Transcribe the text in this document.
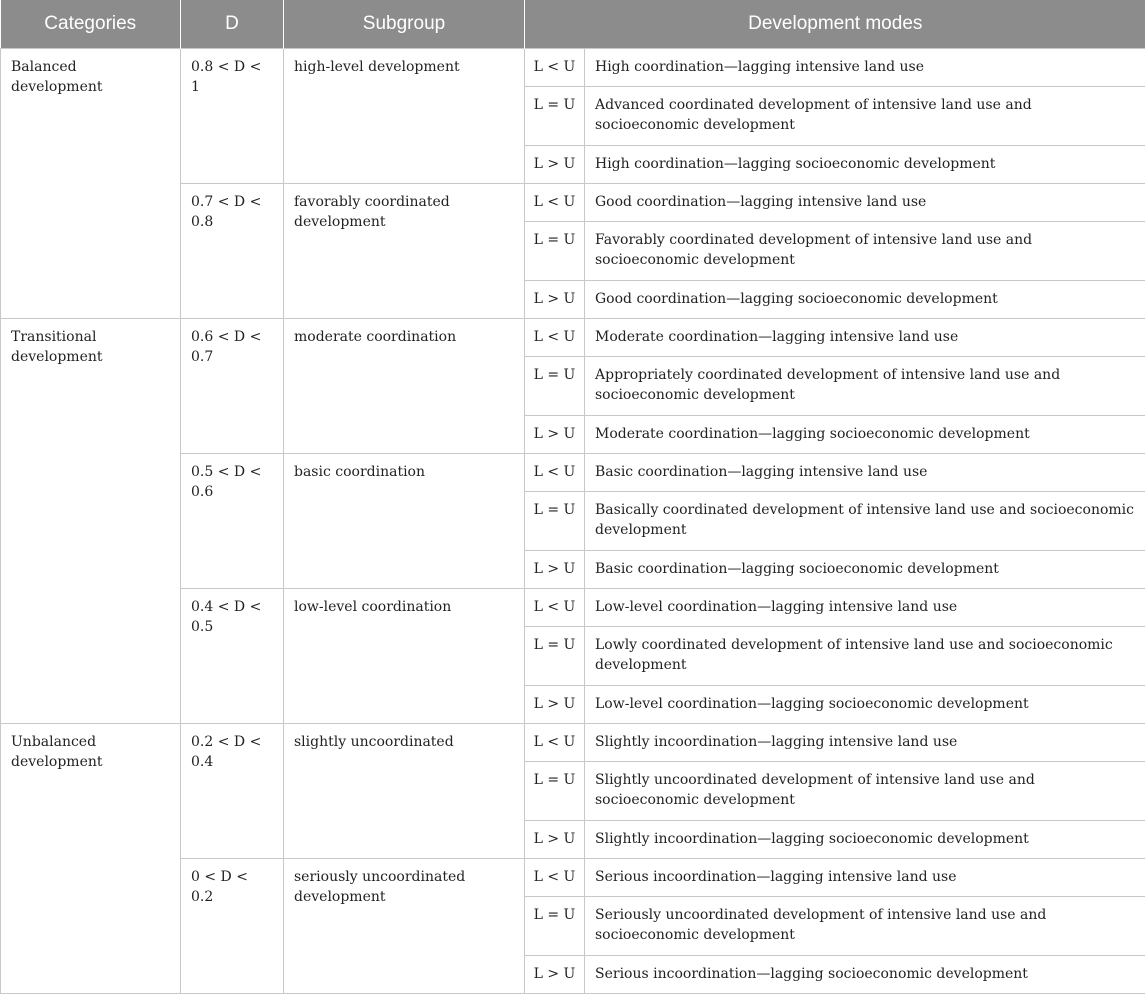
Categories	D	Subgroup	Development modes	
Balanced development	0.8 < D < 1	high-level development	L < U	High coordination—lagging intensive land use
			L = U	Advanced coordinated development of intensive land use and socioeconomic development
			L > U	High coordination—lagging socioeconomic development
	0.7 < D < 0.8	favorably coordinated development	L < U	Good coordination—lagging intensive land use
			L = U	Favorably coordinated development of intensive land use and socioeconomic development
			L > U	Good coordination—lagging socioeconomic development
Transitional development	0.6 < D < 0.7	moderate coordination	L < U	Moderate coordination—lagging intensive land use
			L = U	Appropriately coordinated development of intensive land use and socioeconomic development
			L > U	Moderate coordination—lagging socioeconomic development
	0.5 < D < 0.6	basic coordination	L < U	Basic coordination—lagging intensive land use
			L = U	Basically coordinated development of intensive land use and socioeconomic development
			L > U	Basic coordination—lagging socioeconomic development
	0.4 < D < 0.5	low-level coordination	L < U	Low-level coordination—lagging intensive land use
			L = U	Lowly coordinated development of intensive land use and socioeconomic development
			L > U	Low-level coordination—lagging socioeconomic development
Unbalanced development	0.2 < D < 0.4	slightly uncoordinated	L < U	Slightly incoordination—lagging intensive land use
			L = U	Slightly uncoordinated development of intensive land use and socioeconomic development
			L > U	Slightly incoordination—lagging socioeconomic development
	0 < D < 0.2	seriously uncoordinated development	L < U	Serious incoordination—lagging intensive land use
			L = U	Seriously uncoordinated development of intensive land use and socioeconomic development
			L > U	Serious incoordination—lagging socioeconomic development
